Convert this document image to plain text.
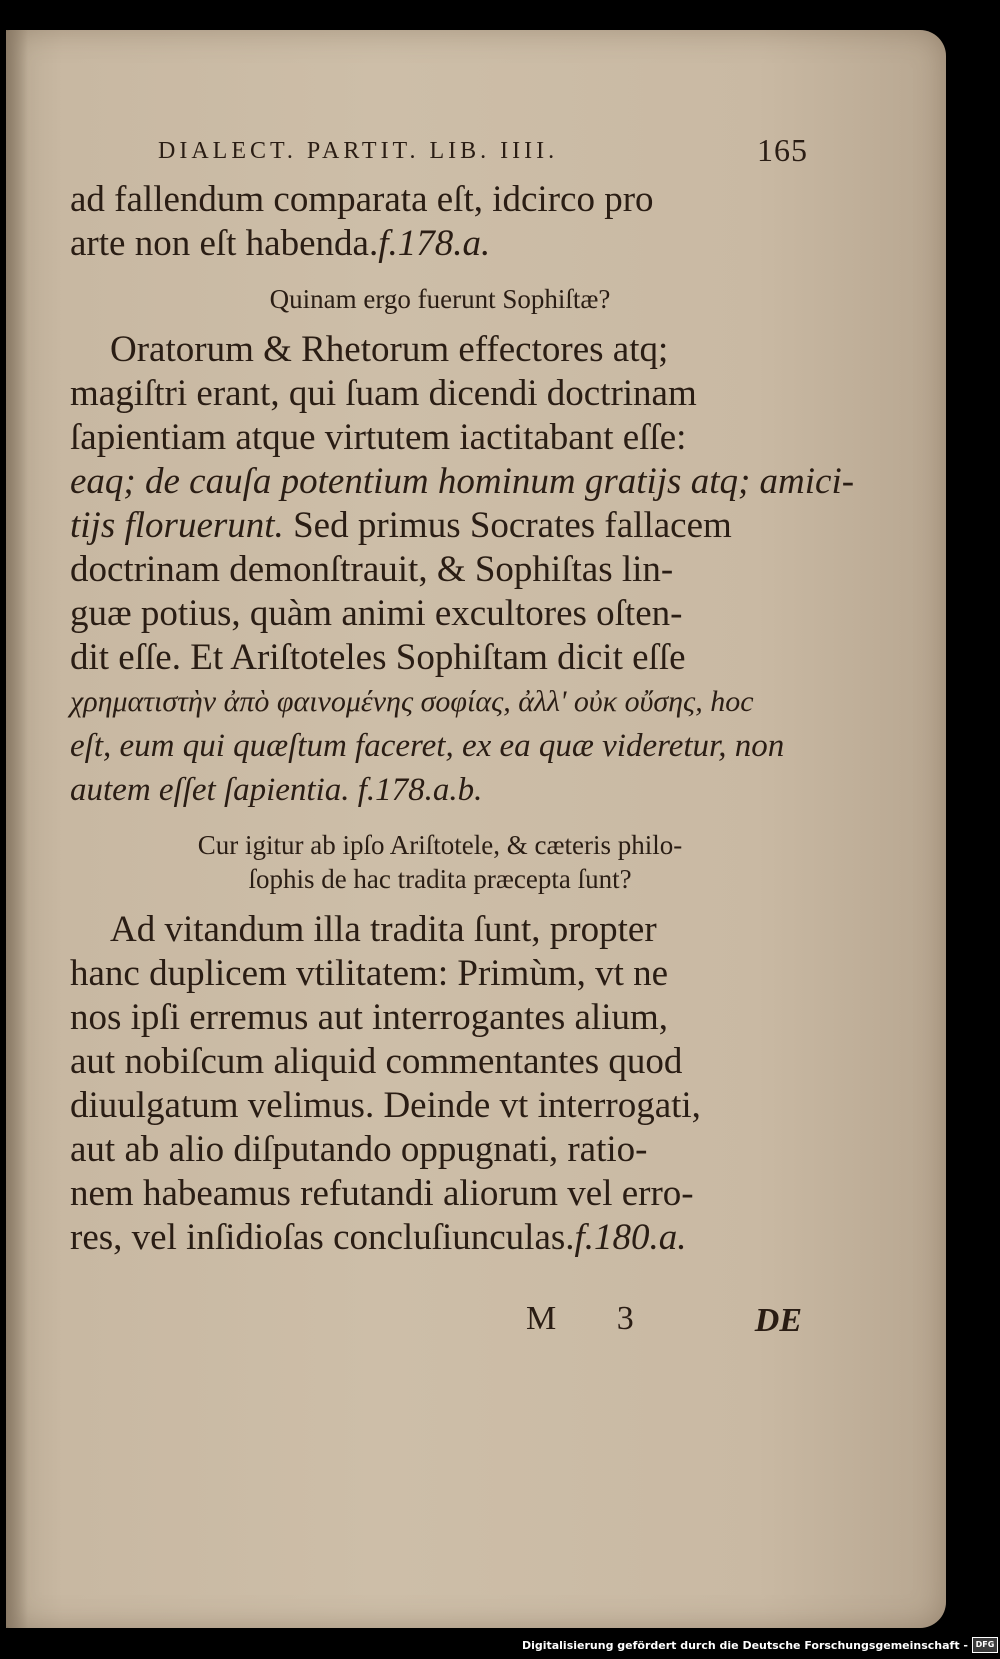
DIALECT. PARTIT. LIB. IIII.	165

ad fallendum comparata eſt, idcirco pro
arte non eſt habenda.f.178.a.

Quinam ergo fuerunt Sophiſtæ?

Oratorum & Rhetorum effectores atq;
magiſtri erant, qui ſuam dicendi doctrinam
ſapientiam atque virtutem iactitabant eſſe:
eaq; de cauſa potentium hominum gratijs atq; amici-
tijs floruerunt. Sed primus Socrates fallacem
doctrinam demonſtrauit, & Sophiſtas lin-
guæ potius, quàm animi excultores oſten-
dit eſſe. Et Ariſtoteles Sophiſtam dicit eſſe
χρηματιστὴν ἀπὸ φαινομένης σοφίας, ἀλλ' οὐκ οὔσης, hoc
eſt, eum qui quæſtum faceret, ex ea quæ videretur, non
autem eſſet ſapientia. f.178.a.b.

Cur igitur ab ipſo Ariſtotele, & cæteris philo-
ſophis de hac tradita præcepta ſunt?

Ad vitandum illa tradita ſunt, propter
hanc duplicem vtilitatem: Primùm, vt ne
nos ipſi erremus aut interrogantes alium,
aut nobiſcum aliquid commentantes quod
diuulgatum velimus. Deinde vt interrogati,
aut ab alio diſputando oppugnati, ratio-
nem habeamus refutandi aliorum vel erro-
res, vel inſidioſas concluſiunculas.f.180.a.

M 3	DE
Digitalisierung gefördert durch die Deutsche Forschungsgemeinschaft - DFG
